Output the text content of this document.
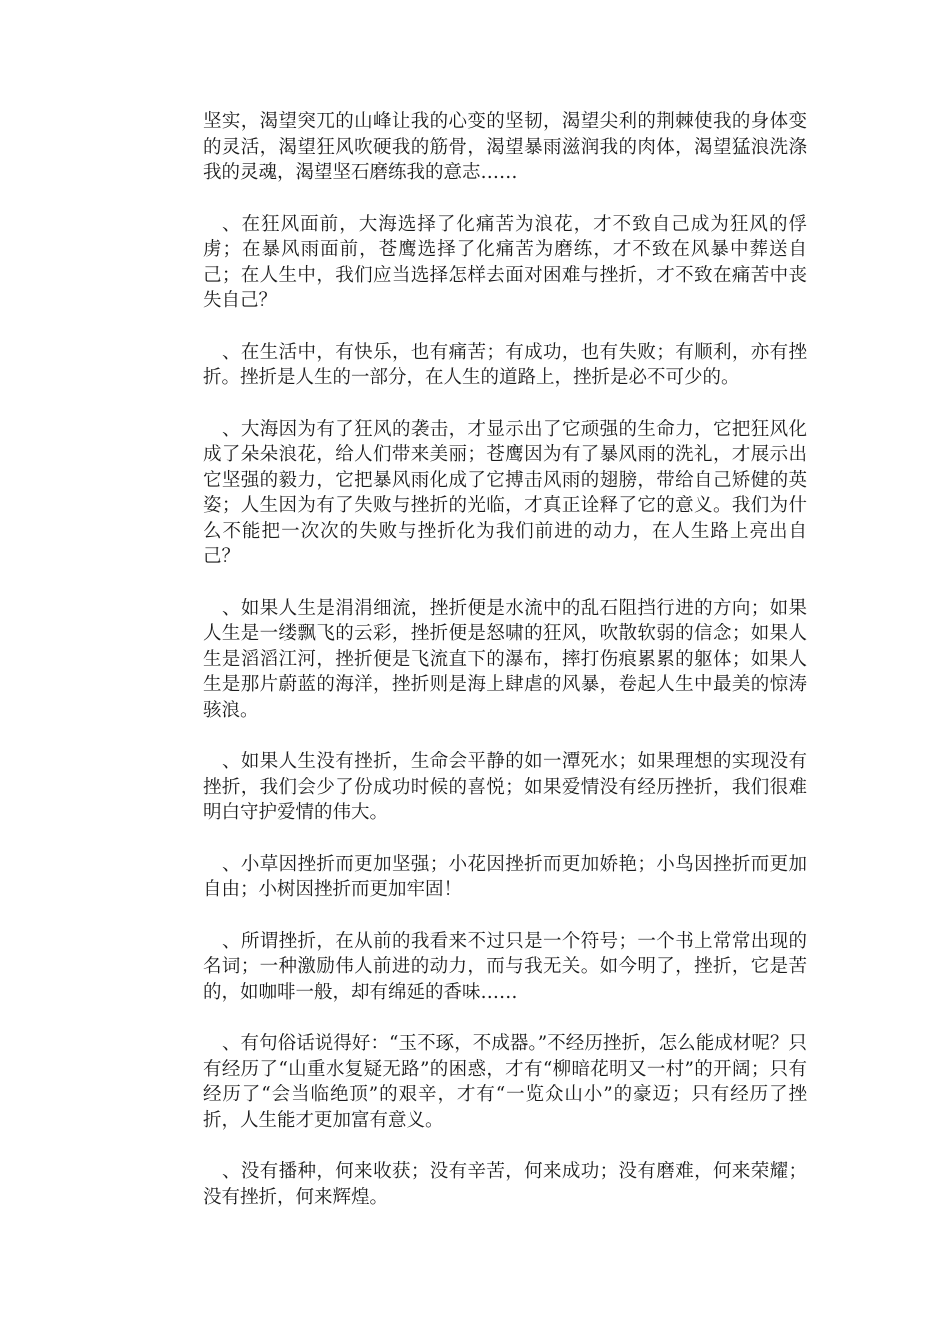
坚实，渴望突兀的山峰让我的心变的坚韧，渴望尖利的荆棘使我的身体变的灵活，渴望狂风吹硬我的筋骨，渴望暴雨滋润我的肉体，渴望猛浪洗涤我的灵魂，渴望坚石磨练我的意志……

、在狂风面前，大海选择了化痛苦为浪花，才不致自己成为狂风的俘虏；在暴风雨面前，苍鹰选择了化痛苦为磨练，才不致在风暴中葬送自己；在人生中，我们应当选择怎样去面对困难与挫折，才不致在痛苦中丧失自己？

、在生活中，有快乐，也有痛苦；有成功，也有失败；有顺利，亦有挫折。挫折是人生的一部分，在人生的道路上，挫折是必不可少的。

、大海因为有了狂风的袭击，才显示出了它顽强的生命力，它把狂风化成了朵朵浪花，给人们带来美丽；苍鹰因为有了暴风雨的洗礼，才展示出它坚强的毅力，它把暴风雨化成了它搏击风雨的翅膀，带给自己矫健的英姿；人生因为有了失败与挫折的光临，才真正诠释了它的意义。我们为什么不能把一次次的失败与挫折化为我们前进的动力，在人生路上亮出自己？

、如果人生是涓涓细流，挫折便是水流中的乱石阻挡行进的方向；如果人生是一缕飘飞的云彩，挫折便是怒啸的狂风，吹散软弱的信念；如果人生是滔滔江河，挫折便是飞流直下的瀑布，摔打伤痕累累的躯体；如果人生是那片蔚蓝的海洋，挫折则是海上肆虐的风暴，卷起人生中最美的惊涛骇浪。

、如果人生没有挫折，生命会平静的如一潭死水；如果理想的实现没有挫折，我们会少了份成功时候的喜悦；如果爱情没有经历挫折，我们很难明白守护爱情的伟大。

、小草因挫折而更加坚强；小花因挫折而更加娇艳；小鸟因挫折而更加自由；小树因挫折而更加牢固！

、所谓挫折，在从前的我看来不过只是一个符号；一个书上常常出现的名词；一种激励伟人前进的动力，而与我无关。如今明了，挫折，它是苦的，如咖啡一般，却有绵延的香味……

、有句俗话说得好：“玉不琢，不成器。”不经历挫折，怎么能成材呢？只有经历了“山重水复疑无路”的困惑，才有“柳暗花明又一村”的开阔；只有经历了“会当临绝顶”的艰辛，才有“一览众山小”的豪迈；只有经历了挫折，人生能才更加富有意义。

、没有播种，何来收获；没有辛苦，何来成功；没有磨难，何来荣耀；没有挫折，何来辉煌。
